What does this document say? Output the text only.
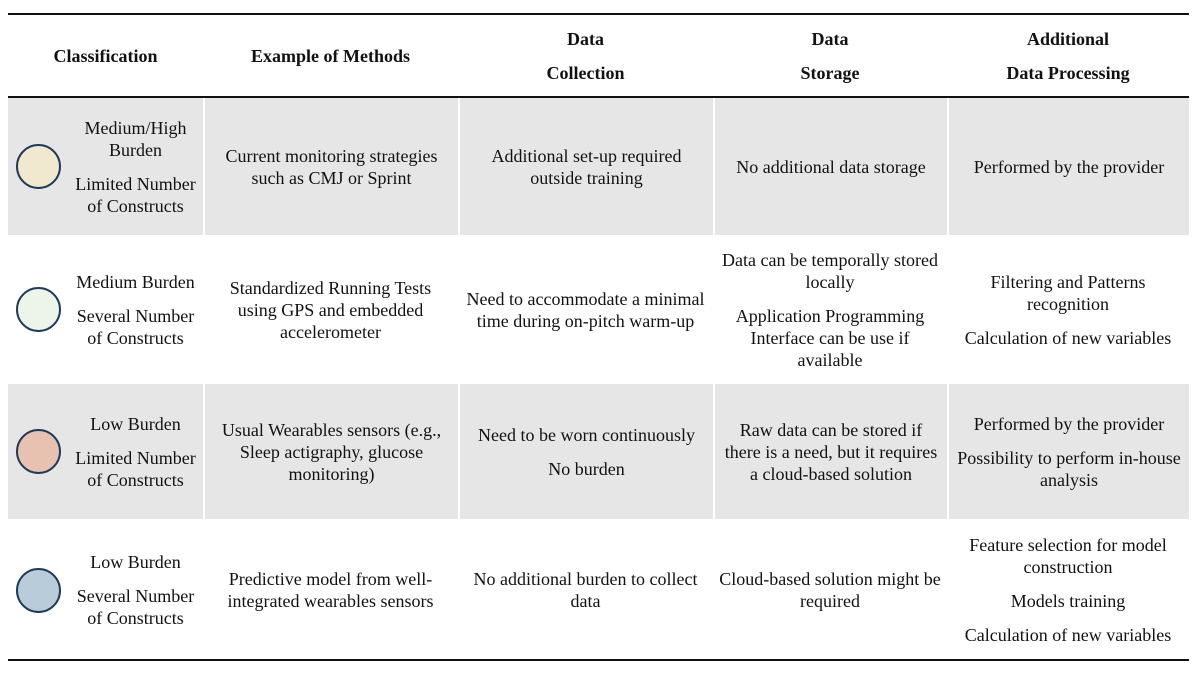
Classification	Example of Methods
Data
Collection
Data
Storage
Additional
Data Processing
Medium/High Burden
Limited Number of Constructs
Current monitoring strategies such as CMJ or Sprint
Additional set-up required outside training
No additional data storage	Performed by the provider
Medium Burden
Several Number of Constructs
Standardized Running Tests using GPS and embedded accelerometer
Need to accommodate a minimal time during on-pitch warm-up
Data can be temporally stored locally
Application Programming Interface can be use if available
Filtering and Patterns recognition
Calculation of new variables
Low Burden
Limited Number of Constructs
Usual Wearables sensors (e.g., Sleep actigraphy, glucose monitoring)
Need to be worn continuously
No burden
Raw data can be stored if there is a need, but it requires a cloud-based solution
Performed by the provider
Possibility to perform in-house analysis
Low Burden
Several Number of Constructs
Predictive model from well-integrated wearables sensors
No additional burden to collect data
Cloud-based solution might be required
Feature selection for model construction
Models training
Calculation of new variables
